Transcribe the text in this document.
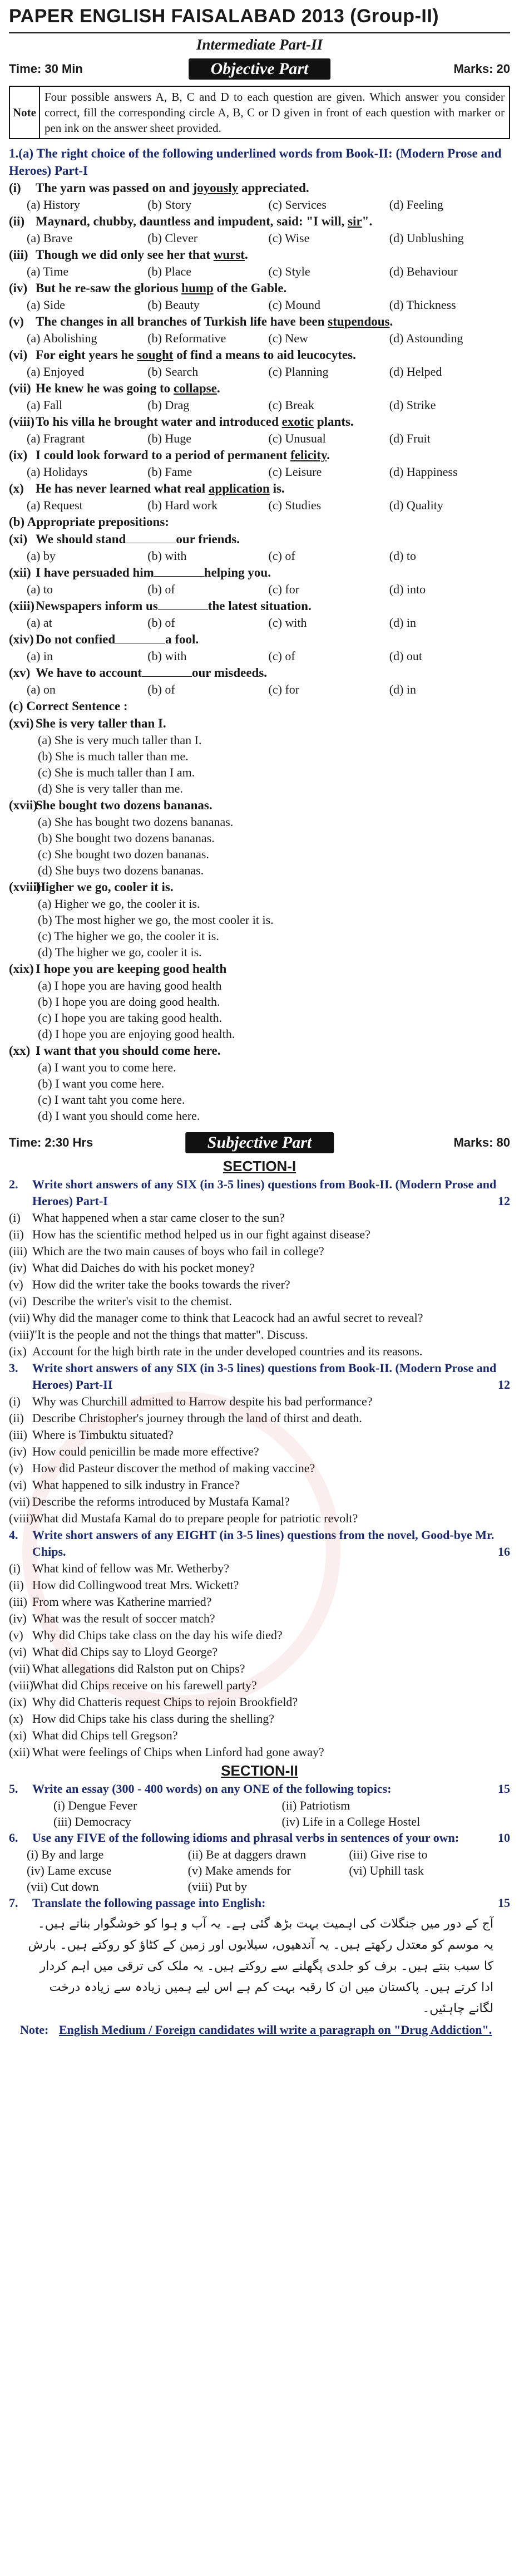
PAPER ENGLISH FAISALABAD 2013 (Group-II)
Intermediate Part-II
Time: 30 Min	Objective Part	Marks: 20
Note
Four possible answers A, B, C and D to each question are given. Which answer you consider correct, fill the corresponding circle A, B, C or D given in front of each question with marker or pen ink on the answer sheet provided.
1.(a) The right choice of the following underlined words from Book-II: (Modern Prose and Heroes) Part-I
(i)	The yarn was passed on and joyously appreciated.
(a) History	(b) Story	(c) Services	(d) Feeling
(ii) Maynard, chubby, dauntless and impudent, said: "I will, sir".
(a) Brave	(b) Clever	(c) Wise	(d) Unblushing
(iii) Though we did only see her that wurst.
(a) Time	(b) Place	(c) Style	(d) Behaviour
(iv) But he re-saw the glorious hump of the Gable.
(a) Side	(b) Beauty	(c) Mound	(d) Thickness
(v) The changes in all branches of Turkish life have been stupendous.
(a) Abolishing	(b) Reformative	(c) New	(d) Astounding
(vi) For eight years he sought of find a means to aid leucocytes.
(a) Enjoyed	(b) Search	(c) Planning	(d) Helped
(vii) He knew he was going to collapse.
(a) Fall	(b) Drag	(c) Break	(d) Strike
(viii) To his villa he brought water and introduced exotic plants.
(a) Fragrant	(b) Huge	(c) Unusual	(d) Fruit
(ix) I could look forward to a period of permanent felicity.
(a) Holidays	(b) Fame	(c) Leisure	(d) Happiness
(x) He has never learned what real application is.
(a) Request	(b) Hard work	(c) Studies	(d) Quality
(b) Appropriate prepositions:
(xi) We should stand	our friends.
(a) by	(b) with	(c) of	(d) to
(xii) I have persuaded him	helping you.
(a) to	(b) of	(c) for	(d) into
(xiii) Newspapers inform us	the latest situation.
(a) at	(b) of	(c) with	(d) in
(xiv) Do not confied	a fool.
(a) in	(b) with	(c) of	(d) out
(xv) We have to account	our misdeeds.
(a) on	(b) of	(c) for	(d) in
(c) Correct Sentence :
(xvi) She is very taller than I.
(a) She is very much taller than I.
(b) She is much taller than me.
(c) She is much taller than I am.
(d) She is very taller than me.
(xvii)
She bought two dozens bananas.
(a) She has bought two dozens bananas.
(b) She bought two dozens bananas.
(c) She bought two dozen bananas.
(d) She buys two dozens bananas.
(xviii)
Higher we go, cooler it is.
(a) Higher we go, the cooler it is.
(b) The most higher we go, the most cooler it is.
(c) The higher we go, the cooler it is.
(d) The higher we go, cooler it is.
(xix) I hope you are keeping good health
(a) I hope you are having good health
(b) I hope you are doing good health.
(c) I hope you are taking good health.
(d) I hope you are enjoying good health.
(xx) I want that you should come here.
(a) I want you to come here.
(b) I want you come here.
(c) I want taht you come here.
(d) I want you should come here.
Time: 2:30 Hrs	Subjective Part	Marks: 80
SECTION-I
2.	Write short answers of any SIX (in 3-5 lines) questions from Book-II. (Modern Prose and Heroes) Part-I	12
(i) What happened when a star came closer to the sun?
(ii) How has the scientific method helped us in our fight against disease?
(iii) Which are the two main causes of boys who fail in college?
(iv) What did Daiches do with his pocket money?
(v) How did the writer take the books towards the river?
(vi) Describe the writer's visit to the chemist.
(vii) Why did the manager come to think that Leacock had an awful secret to reveal?
(viii)
"It is the people and not the things that matter". Discuss.
(ix) Account for the high birth rate in the under developed countries and its reasons.
3.	Write short answers of any SIX (in 3-5 lines) questions from Book-II. (Modern Prose and Heroes) Part-II	12
(i) Why was Churchill admitted to Harrow despite his bad performance?
(ii) Describe Christopher's journey through the land of thirst and death.
(iii) Where is Timbuktu situated?
(iv) How could penicillin be made more effective?
(v) How did Pasteur discover the method of making vaccine?
(vi) What happened to silk industry in France?
(vii) Describe the reforms introduced by Mustafa Kamal?
(viii)
What did Mustafa Kamal do to prepare people for patriotic revolt?
4.	Write short answers of any EIGHT (in 3-5 lines) questions from the novel, Good-bye Mr. Chips.	16
(i) What kind of fellow was Mr. Wetherby?
(ii) How did Collingwood treat Mrs. Wickett?
(iii) From where was Katherine married?
(iv) What was the result of soccer match?
(v) Why did Chips take class on the day his wife died?
(vi) What did Chips say to Lloyd George?
(vii) What allegations did Ralston put on Chips?
(viii)
What did Chips receive on his farewell party?
(ix) Why did Chatteris request Chips to rejoin Brookfield?
(x) How did Chips take his class during the shelling?
(xi) What did Chips tell Gregson?
(xii) What were feelings of Chips when Linford had gone away?
SECTION-II
5.	Write an essay (300 - 400 words) on any ONE of the following topics:	15
(i) Dengue Fever	(ii) Patriotism
(iii) Democracy	(iv) Life in a College Hostel
6.	Use any FIVE of the following idioms and phrasal verbs in sentences of your own:	10
(i) By and large	(ii) Be at daggers drawn	(iii) Give rise to
(iv) Lame excuse	(v) Make amends for	(vi) Uphill task
(vii) Cut down	(viii) Put by
7.	Translate the following passage into English:	15
آج کے دور میں جنگلات کی اہمیت بہت بڑھ گئی ہے۔ یہ آب و ہوا کو خوشگوار بناتے ہیں۔ یہ موسم کو معتدل رکھتے ہیں۔ یہ آندھیوں، سیلابوں اور زمین کے کٹاؤ کو روکتے ہیں۔ بارش کا سبب بنتے ہیں۔ برف کو جلدی پگھلنے سے روکتے ہیں۔ یہ ملک کی ترقی میں اہم کردار ادا کرتے ہیں۔ پاکستان میں ان کا رقبہ بہت کم ہے اس لیے ہمیں زیادہ سے زیادہ درخت لگانے چاہئیں۔
Note: English Medium / Foreign candidates will write a paragraph on "Drug Addiction".
